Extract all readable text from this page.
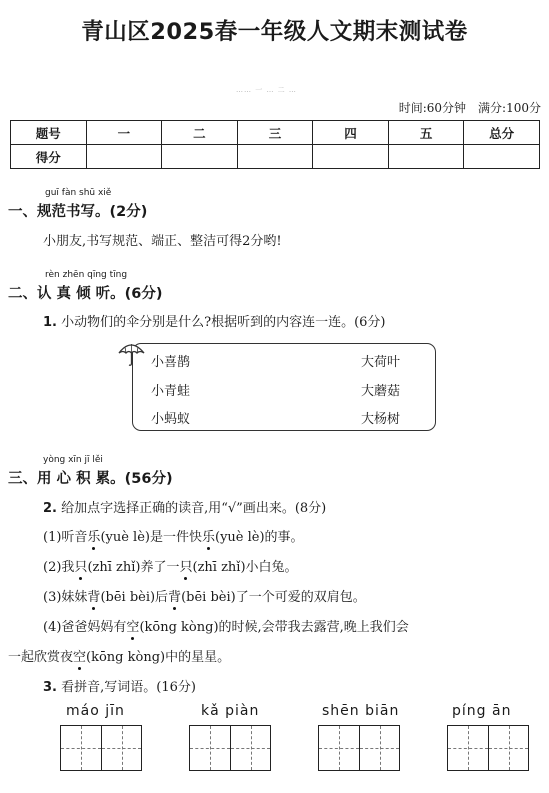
青山区2025春一年级人文期末测试卷
…… 一 … 二 …
时间:60分钟 满分:100分
题号	一	二	三	四	五	总分
得分						
guī fàn shū xiě
一、规范书写。(2分)
小朋友,书写规范、端正、整洁可得2分哟!
rèn zhēn qīng tīng
二、认 真 倾 听。(6分)
1. 小动物们的伞分别是什么?根据听到的内容连一连。(6分)
小喜鹊
小青蛙
小蚂蚁
大荷叶
大蘑菇
大杨树
yòng xīn jī lěi
三、用 心 积 累。(56分)
2. 给加点字选择正确的读音,用“√”画出来。(8分)
(1)听音乐(yuè lè)是一件快乐(yuè lè)的事。
(2)我只(zhī zhǐ)养了一只(zhī zhǐ)小白兔。
(3)妹妹背(bēi bèi)后背(bēi bèi)了一个可爱的双肩包。
(4)爸爸妈妈有空(kōng kòng)的时候,会带我去露营,晚上我们会
一起欣赏夜空(kōng kòng)中的星星。
3. 看拼音,写词语。(16分)
máo jīn	kǎ piàn	shēn biān	píng ān
